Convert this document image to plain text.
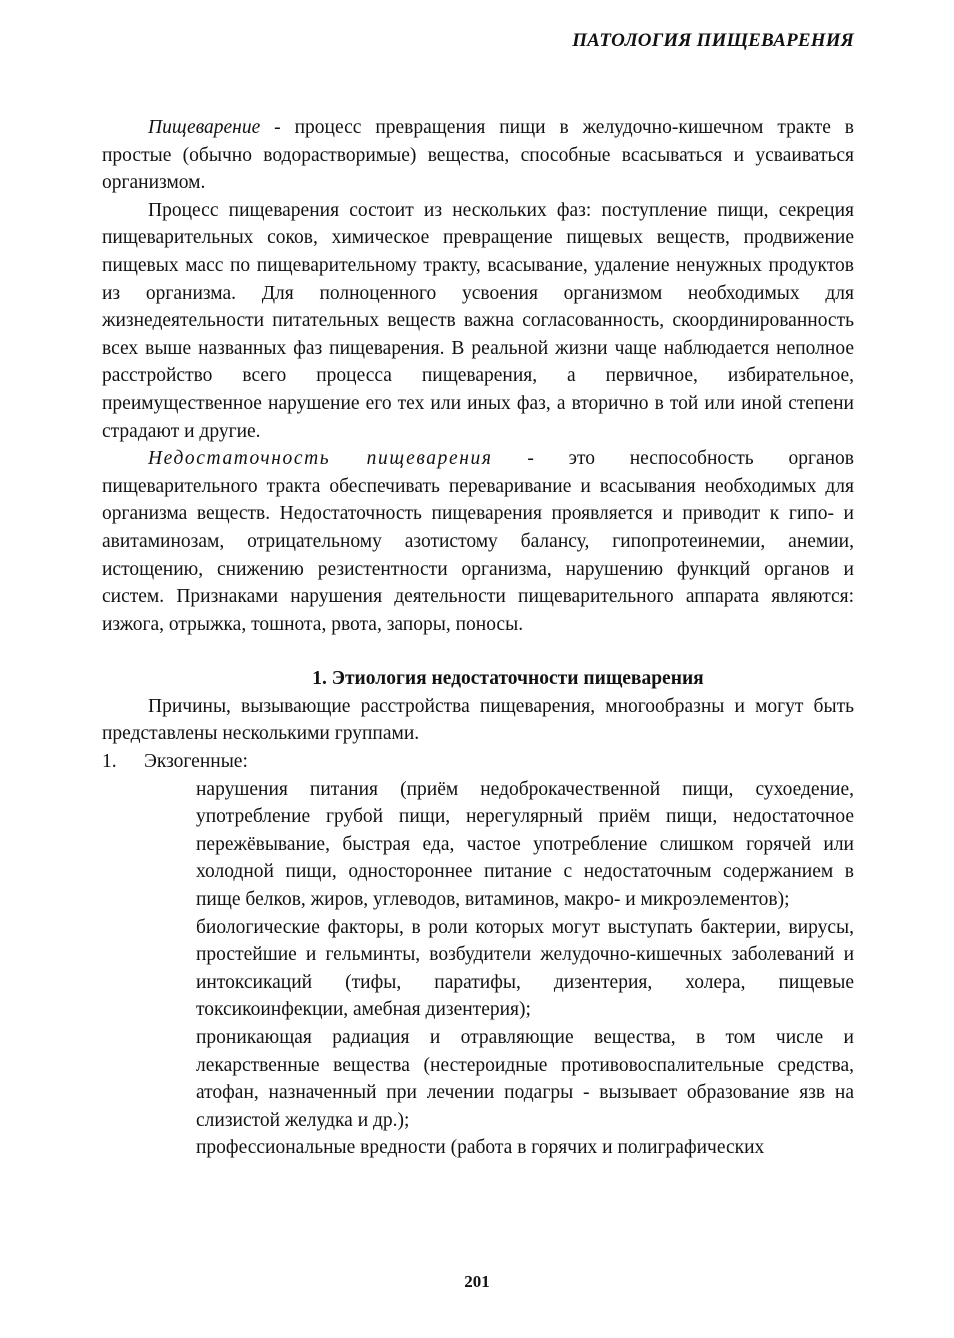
ПАТОЛОГИЯ ПИЩЕВАРЕНИЯ

Пищеварение - процесс превращения пищи в желудочно-кишечном тракте в простые (обычно водорастворимые) вещества, способные всасываться и усваиваться организмом.

Процесс пищеварения состоит из нескольких фаз: поступление пищи, секреция пищеварительных соков, химическое превращение пищевых веществ, продвижение пищевых масс по пищеварительному тракту, всасывание, удаление ненужных продуктов из организма. Для полноценного усвоения организмом необходимых для жизнедеятельности питательных веществ важна согласованность, скоординированность всех выше названных фаз пищеварения. В реальной жизни чаще наблюдается неполное расстройство всего процесса пищеварения, а первичное, избирательное, преимущественное нарушение его тех или иных фаз, а вторично в той или иной степени страдают и другие.

Недостаточность пищеварения - это неспособность органов пищеварительного тракта обеспечивать переваривание и всасывания необходимых для организма веществ. Недостаточность пищеварения проявляется и приводит к гипо- и авитаминозам, отрицательному азотистому балансу, гипопротеинемии, анемии, истощению, снижению резистентности организма, нарушению функций органов и систем. Признаками нарушения деятельности пищеварительного аппарата являются: изжога, отрыжка, тошнота, рвота, запоры, поносы.

1. Этиология недостаточности пищеварения

Причины, вызывающие расстройства пищеварения, многообразны и могут быть представлены несколькими группами.

1.	Экзогенные:

нарушения питания (приём недоброкачественной пищи, сухоедение, употребление грубой пищи, нерегулярный приём пищи, недостаточное пережёвывание, быстрая еда, частое употребление слишком горячей или холодной пищи, одностороннее питание с недостаточным содержанием в пище белков, жиров, углеводов, витаминов, макро- и микроэлементов);

биологические факторы, в роли которых могут выступать бактерии, вирусы, простейшие и гельминты, возбудители желудочно-кишечных заболеваний и интоксикаций (тифы, паратифы, дизентерия, холера, пищевые токсикоинфекции, амебная дизентерия);

проникающая радиация и отравляющие вещества, в том числе и лекарственные вещества (нестероидные противовоспалительные средства, атофан, назначенный при лечении подагры - вызывает образование язв на слизистой желудка и др.);

профессиональные вредности (работа в горячих и полиграфических

201
